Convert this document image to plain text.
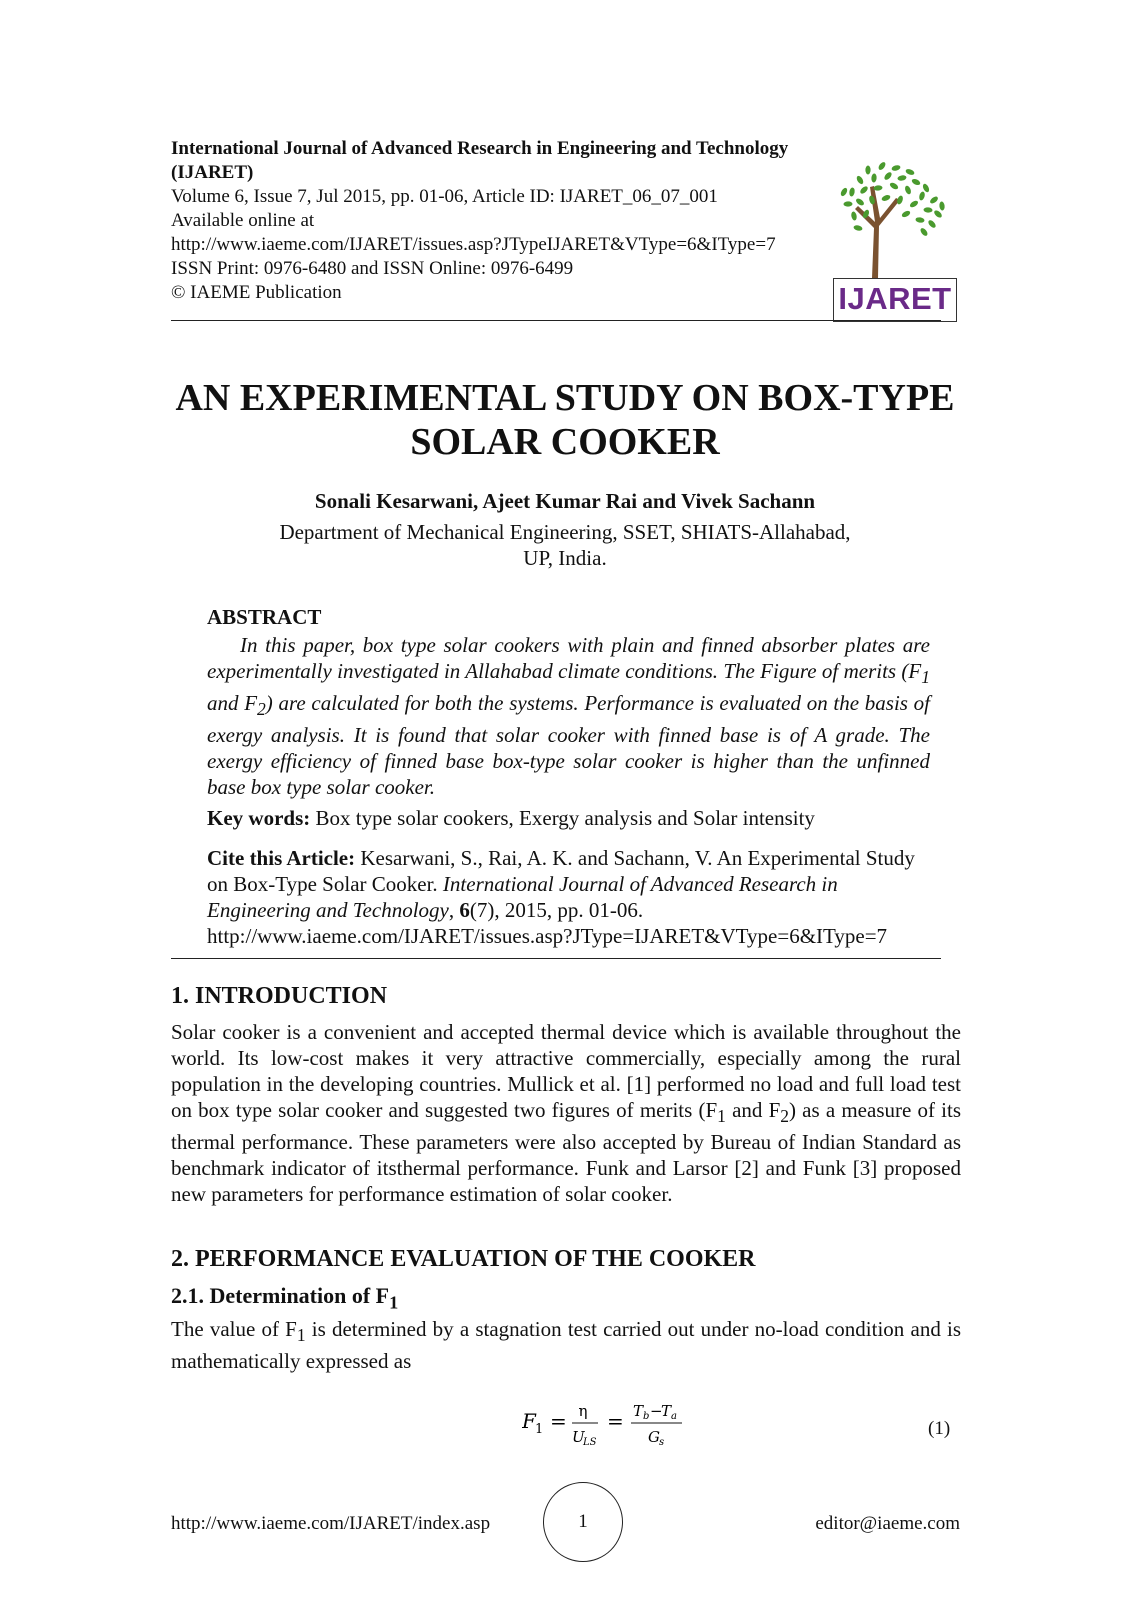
International Journal of Advanced Research in Engineering and Technology (IJARET)
Volume 6, Issue 7, Jul 2015, pp. 01-06, Article ID: IJARET_06_07_001
Available online at
http://www.iaeme.com/IJARET/issues.asp?JTypeIJARET&VType=6&IType=7
ISSN Print: 0976-6480 and ISSN Online: 0976-6499
© IAEME Publication	IJARET
AN EXPERIMENTAL STUDY ON BOX-TYPE
SOLAR COOKER
Sonali Kesarwani, Ajeet Kumar Rai and Vivek Sachann
Department of Mechanical Engineering, SSET, SHIATS-Allahabad,
UP, India.
ABSTRACT

In this paper, box type solar cookers with plain and finned absorber plates are experimentally investigated in Allahabad climate conditions. The Figure of merits ($F_1$ and $F_2$) are calculated for both the systems. Performance is evaluated on the basis of exergy analysis. It is found that solar cooker with finned base is of A grade. The exergy efficiency of finned base box-type solar cooker is higher than the unfinned base box type solar cooker.

Key words: Box type solar cookers, Exergy analysis and Solar intensity
Cite this Article: Kesarwani, S., Rai, A. K. and Sachann, V. An Experimental Study on Box-Type Solar Cooker. International Journal of Advanced Research in Engineering and Technology, 6(7), 2015, pp. 01-06.
http://www.iaeme.com/IJARET/issues.asp?JType=IJARET&VType=6&IType=7
1. INTRODUCTION

Solar cooker is a convenient and accepted thermal device which is available throughout the world. Its low-cost makes it very attractive commercially, especially among the rural population in the developing countries. Mullick et al. [1] performed no load and full load test on box type solar cooker and suggested two figures of merits ($F_1$ and $F_2$) as a measure of its thermal performance. These parameters were also accepted by Bureau of Indian Standard as benchmark indicator of itsthermal performance. Funk and Larsor [2] and Funk [3] proposed new parameters for performance estimation of solar cooker.

2. PERFORMANCE EVALUATION OF THE COOKER
2.1. Determination of $F_1$

The value of $F_1$ is determined by a stagnation test carried out under no-load condition and is mathematically expressed as

F 1 = η
U
LS
= T b −
T a
G s
(1)
http://www.iaeme.com/IJARET/index.asp	1	editor@iaeme.com
